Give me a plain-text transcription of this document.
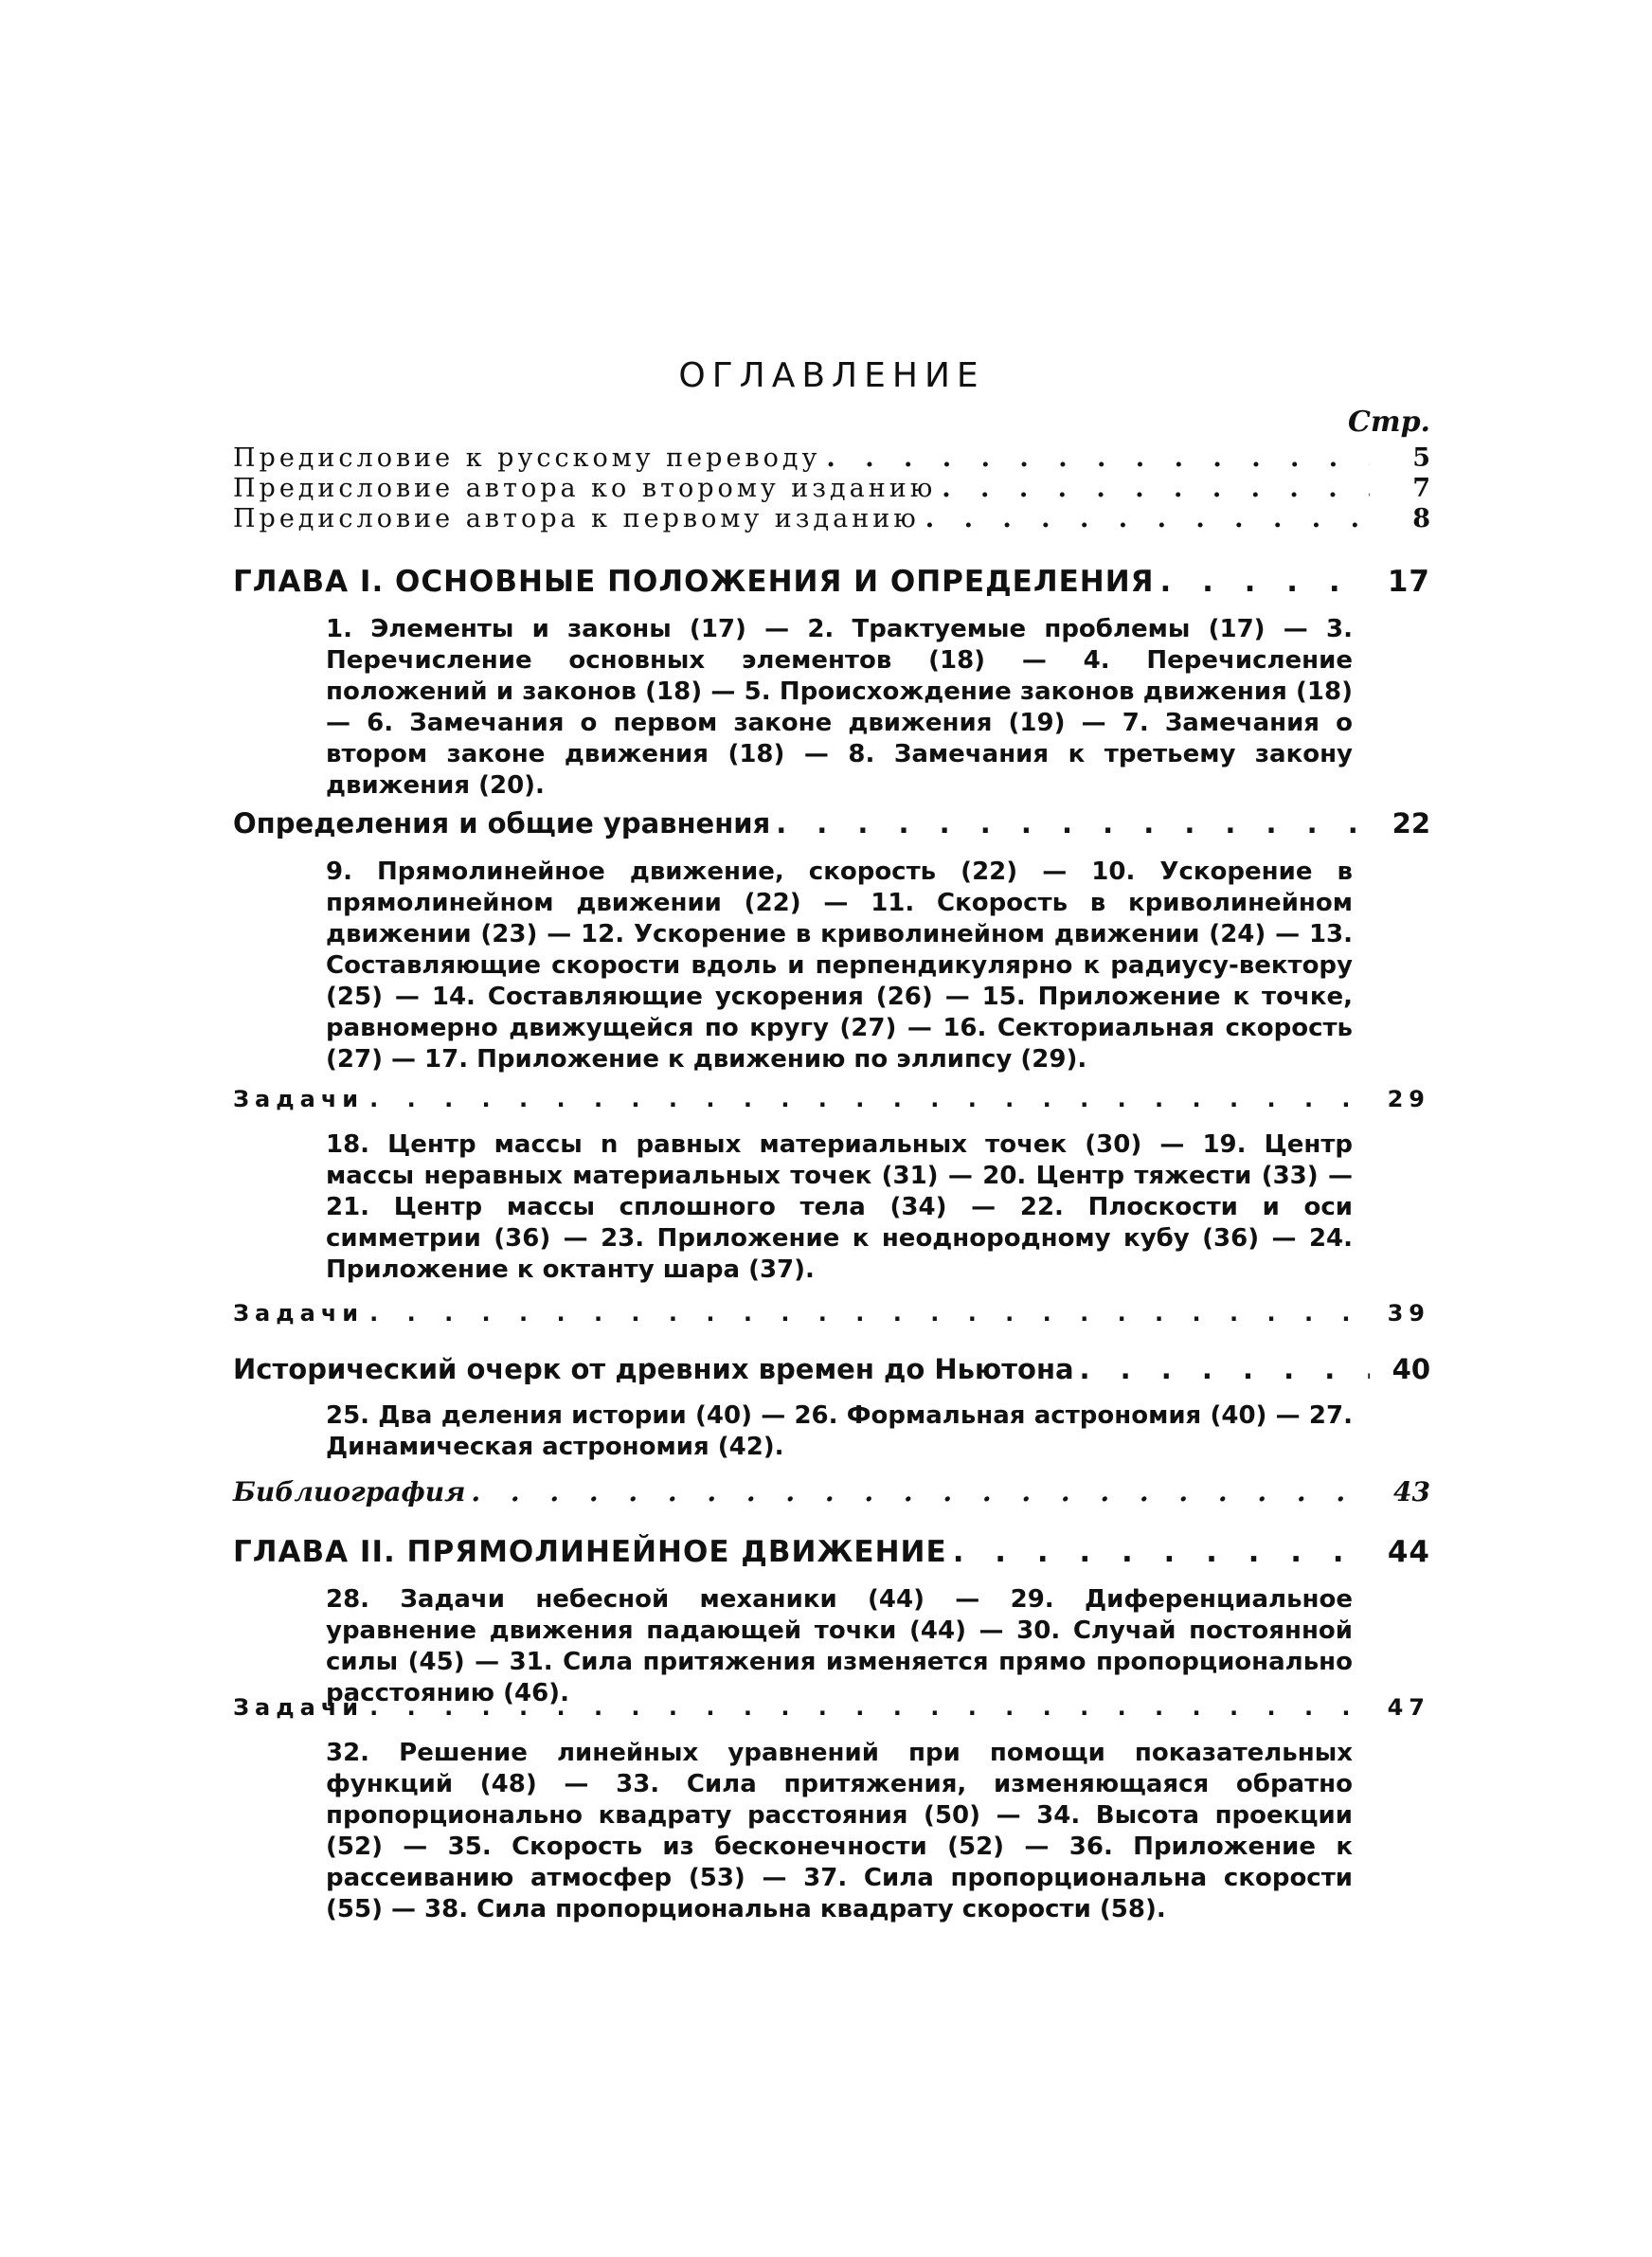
ОГЛАВЛЕНИЕ
Стр.
Предисловие к русскому переводу . . .	5
Предисловие автора ко второму изданию . . .	7
Предисловие автора к первому изданию . . .	8
ГЛАВА I. ОСНОВНЫЕ ПОЛОЖЕНИЯ И ОПРЕДЕЛЕНИЯ . . .	17
1. Элементы и законы (17) — 2. Трактуемые проблемы (17) — 3. Перечисление основных элементов (18) — 4. Перечисление положений и законов (18) — 5. Происхождение законов движения (18) — 6. Замечания о первом законе движения (19) — 7. Замечания о втором законе движения (18) — 8. Замечания к третьему закону движения (20).
Определения и общие уравнения . . .	22
9. Прямолинейное движение, скорость (22) — 10. Ускорение в прямолинейном движении (22) — 11. Скорость в криволинейном движении (23) — 12. Ускорение в криволинейном движении (24) — 13. Составляющие скорости вдоль и перпендикулярно к радиусу-вектору (25) — 14. Составляющие ускорения (26) — 15. Приложение к точке, равномерно движущейся по кругу (27) — 16. Секториальная скорость (27) — 17. Приложение к движению по эллипсу (29).
Задачи . . .	29
18. Центр массы n равных материальных точек (30) — 19. Центр массы неравных материальных точек (31) — 20. Центр тяжести (33) — 21. Центр массы сплошного тела (34) — 22. Плоскости и оси симметрии (36) — 23. Приложение к неоднородному кубу (36) — 24. Приложение к октанту шара (37).
Задачи . . .	39
Исторический очерк от древних времен до Ньютона . . .	40
25. Два деления истории (40) — 26. Формальная астрономия (40) — 27. Динамическая астрономия (42).
Библиография . . .	43
ГЛАВА II. ПРЯМОЛИНЕЙНОЕ ДВИЖЕНИЕ . . .	44
28. Задачи небесной механики (44) — 29. Диференциальное уравнение движения падающей точки (44) — 30. Случай постоянной силы (45) — 31. Сила притяжения изменяется прямо пропорционально расстоянию (46).
Задачи . . .	47
32. Решение линейных уравнений при помощи показательных функций (48) — 33. Сила притяжения, изменяющаяся обратно пропорционально квадрату расстояния (50) — 34. Высота проекции (52) — 35. Скорость из бесконечности (52) — 36. Приложение к рассеиванию атмосфер (53) — 37. Сила пропорциональна скорости (55) — 38. Сила пропорциональна квадрату скорости (58).
